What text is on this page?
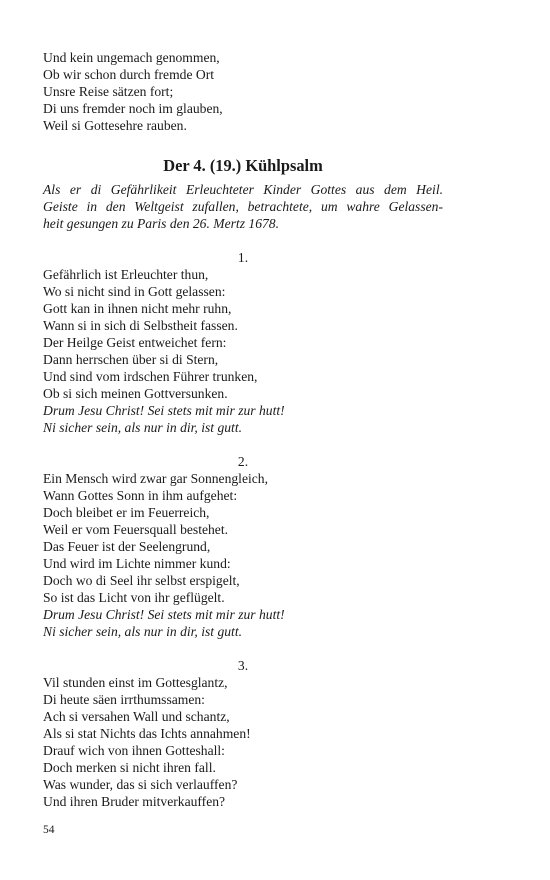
Und kein ungemach genommen,
Ob wir schon durch fremde Ort
Unsre Reise sätzen fort;
Di uns fremder noch im glauben,
Weil si Gottesehre rauben.
Der 4. (19.) Kühlpsalm
Als er di Gefährlikeit Erleuchteter Kinder Gottes aus dem Heil.
Geiste in den Weltgeist zufallen, betrachtete, um wahre Gelassen-
heit gesungen zu Paris den 26. Mertz 1678.
1.
Gefährlich ist Erleuchter thun,
Wo si nicht sind in Gott gelassen:
Gott kan in ihnen nicht mehr ruhn,
Wann si in sich di Selbstheit fassen.
Der Heilge Geist entweichet fern:
Dann herrschen über si di Stern,
Und sind vom irdschen Führer trunken,
Ob si sich meinen Gottversunken.
Drum Jesu Christ! Sei stets mit mir zur hutt!
Ni sicher sein, als nur in dir, ist gutt.
2.
Ein Mensch wird zwar gar Sonnengleich,
Wann Gottes Sonn in ihm aufgehet:
Doch bleibet er im Feuerreich,
Weil er vom Feuersquall bestehet.
Das Feuer ist der Seelengrund,
Und wird im Lichte nimmer kund:
Doch wo di Seel ihr selbst erspigelt,
So ist das Licht von ihr geflügelt.
Drum Jesu Christ! Sei stets mit mir zur hutt!
Ni sicher sein, als nur in dir, ist gutt.
3.
Vil stunden einst im Gottesglantz,
Di heute säen irrthumssamen:
Ach si versahen Wall und schantz,
Als si stat Nichts das Ichts annahmen!
Drauf wich von ihnen Gotteshall:
Doch merken si nicht ihren fall.
Was wunder, das si sich verlauffen?
Und ihren Bruder mitverkauffen?
54
